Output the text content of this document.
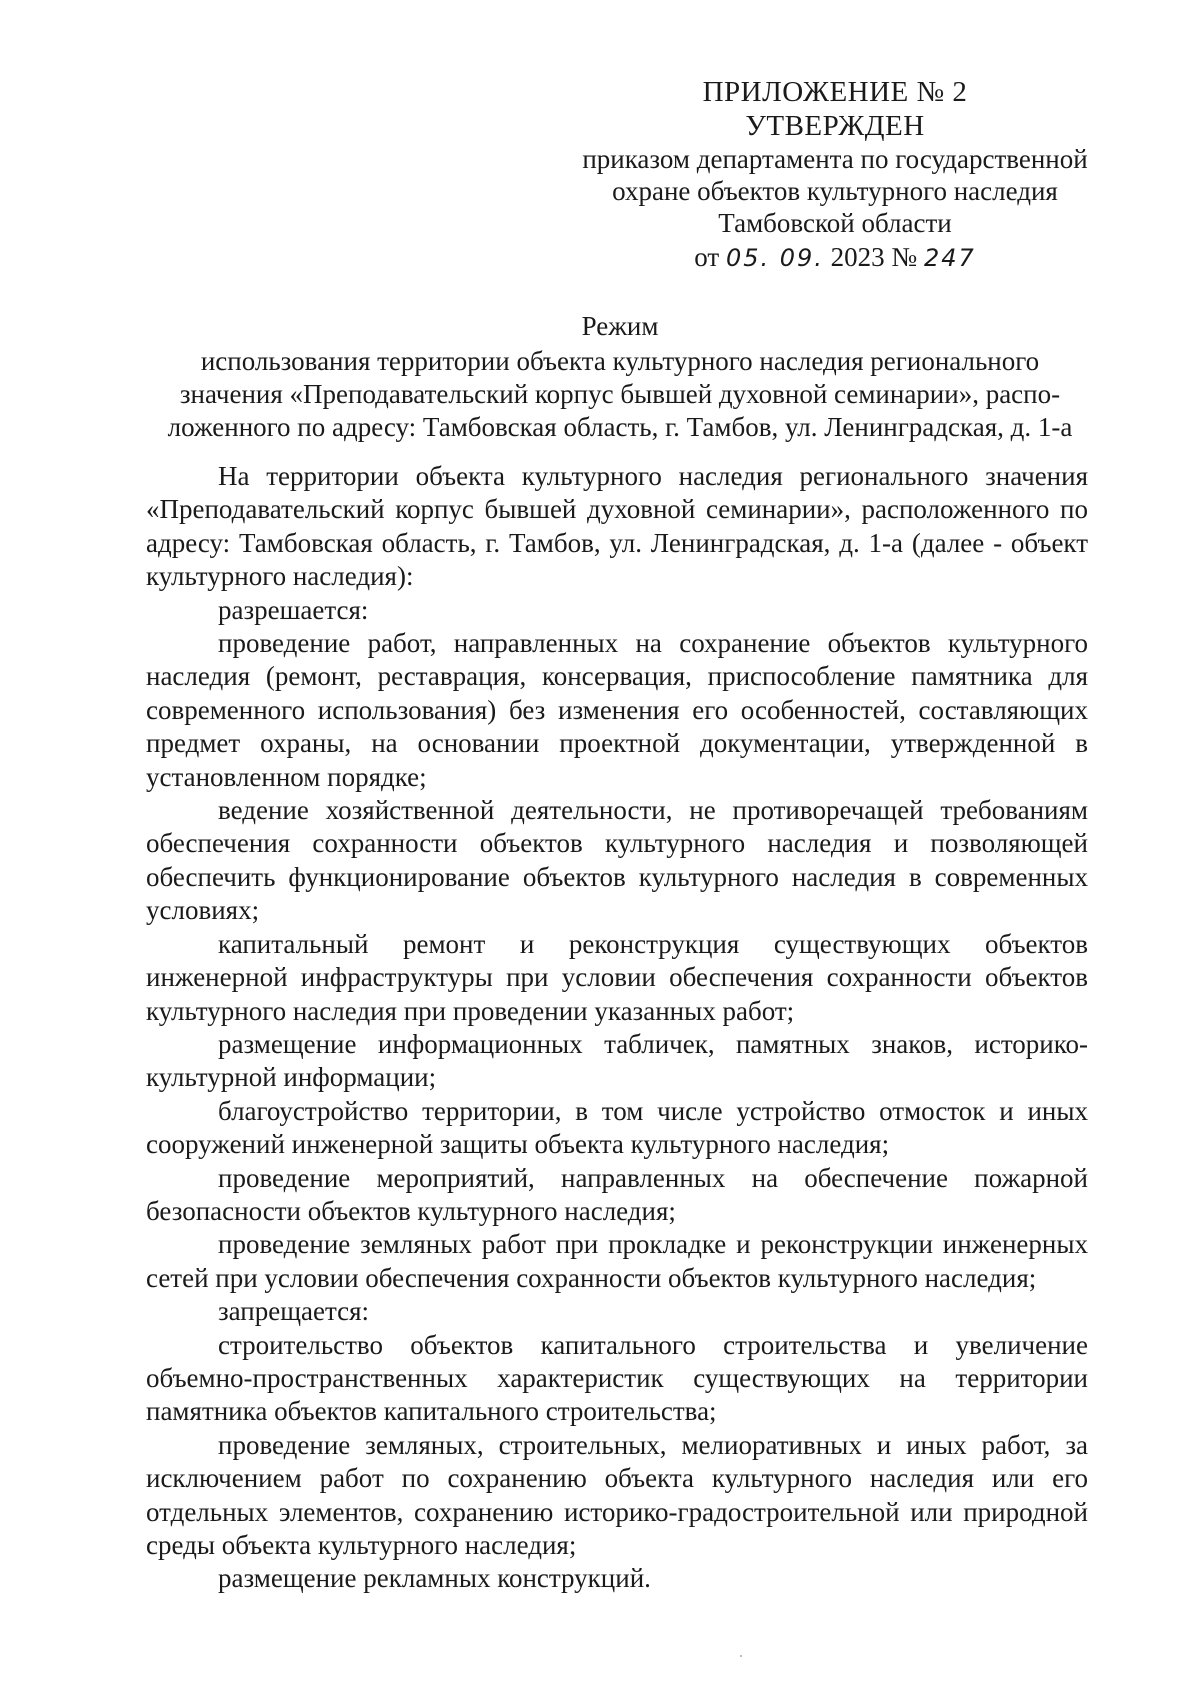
ПРИЛОЖЕНИЕ № 2
УТВЕРЖДЕН
приказом департамента по государственной
охране объектов культурного наследия
Тамбовской области
от 05. 09. 2023 № 247
Режим
использования территории объекта культурного наследия регионального
значения «Преподавательский корпус бывшей духовной семинарии», распо-
ложенного по адресу: Тамбовская область, г. Тамбов, ул. Ленинградская, д. 1-а

На территории объекта культурного наследия регионального значения «Преподавательский корпус бывшей духовной семинарии», расположенного по адресу: Тамбовская область, г. Тамбов, ул. Ленинградская, д. 1-а (далее - объект культурного наследия):

разрешается:

проведение работ, направленных на сохранение объектов культурного наследия (ремонт, реставрация, консервация, приспособление памятника для современного использования) без изменения его особенностей, составляющих предмет охраны, на основании проектной документации, утвержденной в установленном порядке;

ведение хозяйственной деятельности, не противоречащей требованиям обеспечения сохранности объектов культурного наследия и позволяющей обеспечить функционирование объектов культурного наследия в современных условиях;

капитальный ремонт и реконструкция существующих объектов инженерной инфраструктуры при условии обеспечения сохранности объектов культурного наследия при проведении указанных работ;

размещение информационных табличек, памятных знаков, историко-культурной информации;

благоустройство территории, в том числе устройство отмосток и иных сооружений инженерной защиты объекта культурного наследия;

проведение мероприятий, направленных на обеспечение пожарной безопасности объектов культурного наследия;

проведение земляных работ при прокладке и реконструкции инженерных сетей при условии обеспечения сохранности объектов культурного наследия;

запрещается:

строительство объектов капитального строительства и увеличение объемно-пространственных характеристик существующих на территории памятника объектов капитального строительства;

проведение земляных, строительных, мелиоративных и иных работ, за исключением работ по сохранению объекта культурного наследия или его отдельных элементов, сохранению историко-градостроительной или природной среды объекта культурного наследия;

размещение рекламных конструкций.
